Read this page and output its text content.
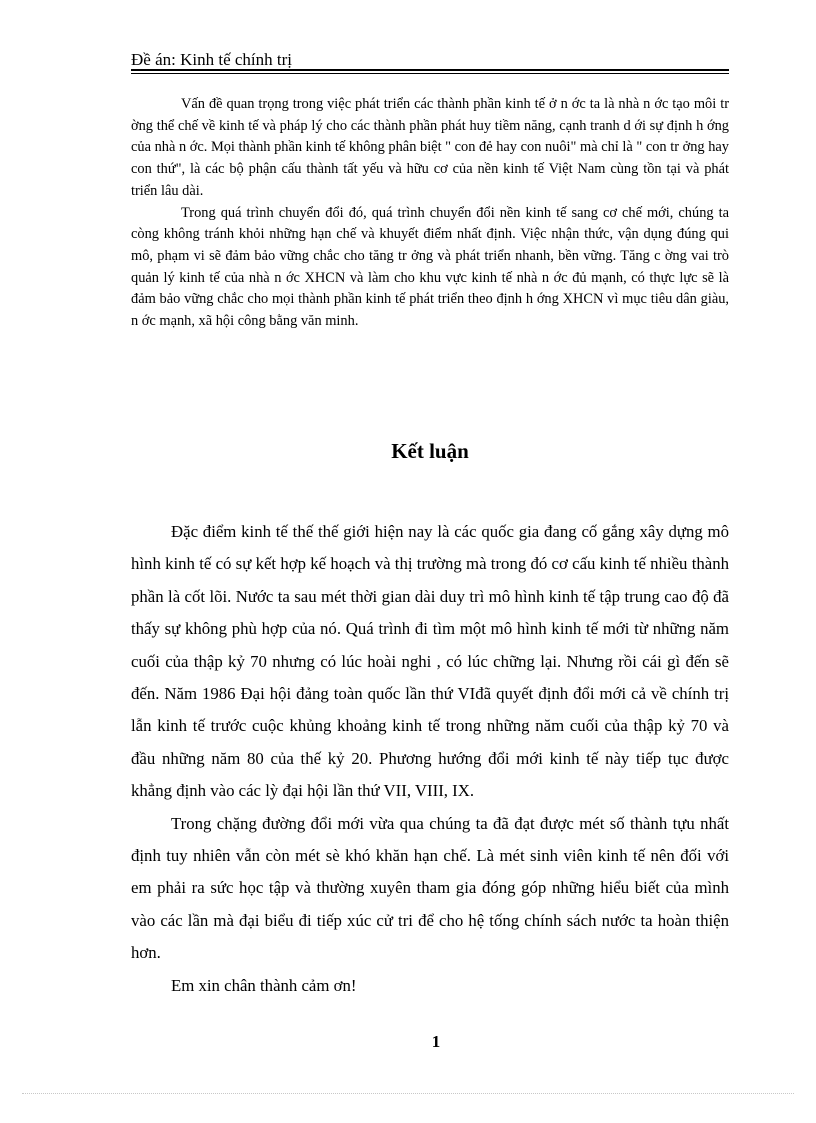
Đề án: Kinh tế chính trị

Vấn đề quan trọng trong việc phát triển các thành phần kinh tế ở n ớc ta là nhà n ớc tạo môi tr ờng thể chế về kinh tế và pháp lý cho các thành phần phát huy tiềm năng, cạnh tranh d ới sự định h ớng của nhà n ớc. Mọi thành phần kinh tế không phân biệt " con đẻ hay con nuôi" mà chỉ là " con tr ởng hay con thứ", là các bộ phận cấu thành tất yếu và hữu cơ của nền kinh tế Việt Nam cùng tồn tại và phát triển lâu dài.

Trong quá trình chuyển đổi đó, quá trình chuyển đổi nền kinh tế sang cơ chế mới, chúng ta còng không tránh khỏi những hạn chế và khuyết điểm nhất định. Việc nhận thức, vận dụng đúng qui mô, phạm vi sẽ đảm bảo vững chắc cho tăng tr ởng và phát triển nhanh, bền vững. Tăng c ờng vai trò quản lý kinh tế của nhà n ớc XHCN và làm cho khu vực kinh tế nhà n ớc đủ mạnh, có thực lực sẽ là đảm bảo vững chắc cho mọi thành phần kinh tế phát triển theo định h ớng XHCN vì mục tiêu dân giàu, n ớc mạnh, xã hội công bằng văn minh.

Kết luận

Đặc điểm kinh tế thế thế giới hiện nay là các quốc gia đang cố gắng xây dựng mô hình kinh tế có sự kết hợp kế hoạch và thị trường mà trong đó cơ cấu kinh tế nhiều thành phần là cốt lõi. Nước ta sau mét thời gian dài duy trì mô hình kinh tế tập trung cao độ đã thấy sự không phù hợp của nó. Quá trình đi tìm một mô hình kinh tế mới từ những năm cuối của thập kỷ 70 nhưng có lúc hoài nghi , có lúc chững lại. Nhưng rồi cái gì đến sẽ đến. Năm 1986 Đại hội đảng toàn quốc lần thứ VIđã quyết định đổi mới cả về chính trị lẫn kinh tế trước cuộc khủng khoảng kinh tế trong những năm cuối của thập kỷ 70 và đầu những năm 80 của thế kỷ 20. Phương hướng đổi mới kinh tế này tiếp tục được khẳng định vào các lỳ đại hội lần thứ VII, VIII, IX.

Trong chặng đường đổi mới vừa qua chúng ta đã đạt được mét số thành tựu nhất định tuy nhiên vẫn còn mét sè khó khăn hạn chế. Là mét sinh viên kinh tế nên đối với em phải ra sức học tập và thường xuyên tham gia đóng góp những hiểu biết của mình vào các lần mà đại biểu đi tiếp xúc cử tri để cho hệ tống chính sách nước ta hoàn thiện hơn.

Em xin chân thành cảm ơn!

1
